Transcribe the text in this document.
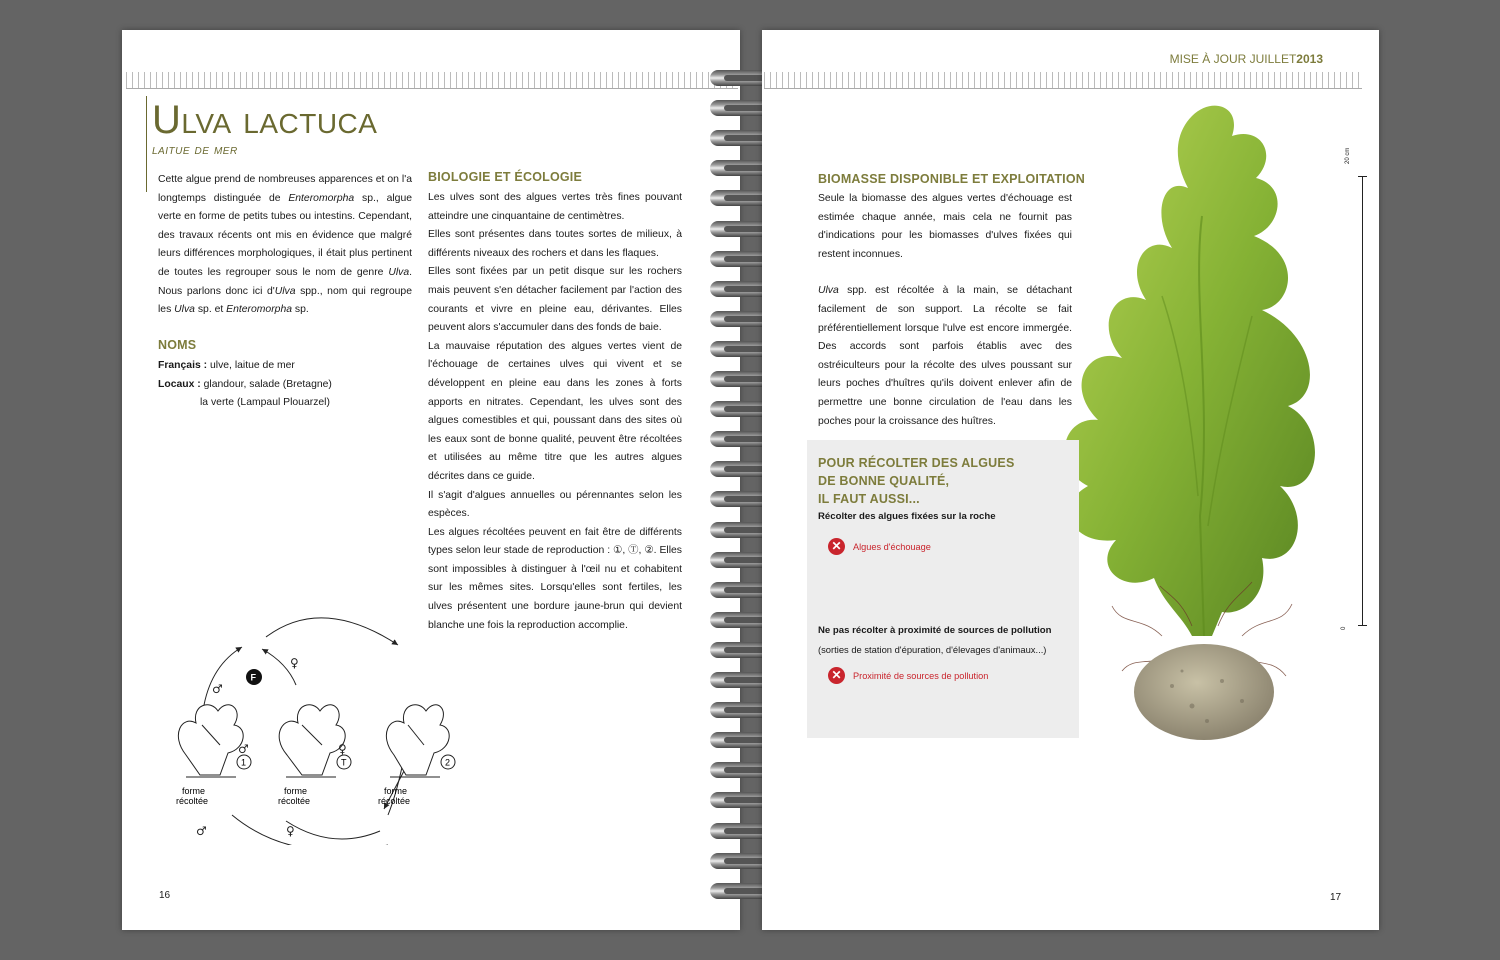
Ulva lactuca
laitue de mer

Cette algue prend de nombreuses apparences et on l'a longtemps distinguée de Enteromorpha sp., algue verte en forme de petits tubes ou intestins. Cependant, des travaux récents ont mis en évidence que malgré leurs différences morphologiques, il était plus pertinent de toutes les regrouper sous le nom de genre Ulva. Nous parlons donc ici d'Ulva spp., nom qui regroupe les Ulva sp. et Enteromorpha sp.

NOMS

Français : ulve, laitue de mer

Locaux : glandour, salade (Bretagne)

la verte (Lampaul Plouarzel)

BIOLOGIE ET ÉCOLOGIE

Les ulves sont des algues vertes très fines pouvant atteindre une cinquantaine de centimètres.

Elles sont présentes dans toutes sortes de milieux, à différents niveaux des rochers et dans les flaques.

Elles sont fixées par un petit disque sur les rochers mais peuvent s'en détacher facilement par l'action des courants et vivre en pleine eau, dérivantes. Elles peuvent alors s'accumuler dans des fonds de baie.

La mauvaise réputation des algues vertes vient de l'échouage de certaines ulves qui vivent et se développent en pleine eau dans les zones à forts apports en nitrates. Cependant, les ulves sont des algues comestibles et qui, poussant dans des sites où les eaux sont de bonne qualité, peuvent être récoltées et utilisées au même titre que les autres algues décrites dans ce guide.

Il s'agit d'algues annuelles ou pérennantes selon les espèces.

Les algues récoltées peuvent en fait être de différents types selon leur stade de reproduction : ①, Ⓣ, ②. Elles sont impossibles à distinguer à l'œil nu et cohabitent sur les mêmes sites. Lorsqu'elles sont fertiles, les ulves présentent une bordure jaune-brun qui devient blanche une fois la reproduction accomplie.

F
1	T	2
forme
récoltée
forme
récoltée
forme
récoltée
♂
♀
♂	♀
♂	♀
16
MISE À JOUR JUILLET2013
BIOMASSE DISPONIBLE ET EXPLOITATION

Seule la biomasse des algues vertes d'échouage est estimée chaque année, mais cela ne fournit pas d'indications pour les biomasses d'ulves fixées qui restent inconnues.

Ulva spp. est récoltée à la main, se détachant facilement de son support. La récolte se fait préférentiellement lorsque l'ulve est encore immergée. Des accords sont parfois établis avec des ostréiculteurs pour la récolte des ulves poussant sur leurs poches d'huîtres qu'ils doivent enlever afin de permettre une bonne circulation de l'eau dans les poches pour la croissance des huîtres.

20 cm
0
POUR RÉCOLTER DES ALGUES
DE BONNE QUALITÉ,
IL FAUT AUSSI...
Récolter des algues fixées sur la roche
✕ Algues d'échouage
Ne pas récolter à proximité de sources de pollution
(sorties de station d'épuration, d'élevages d'animaux...)
✕ Proximité de sources de pollution
17
